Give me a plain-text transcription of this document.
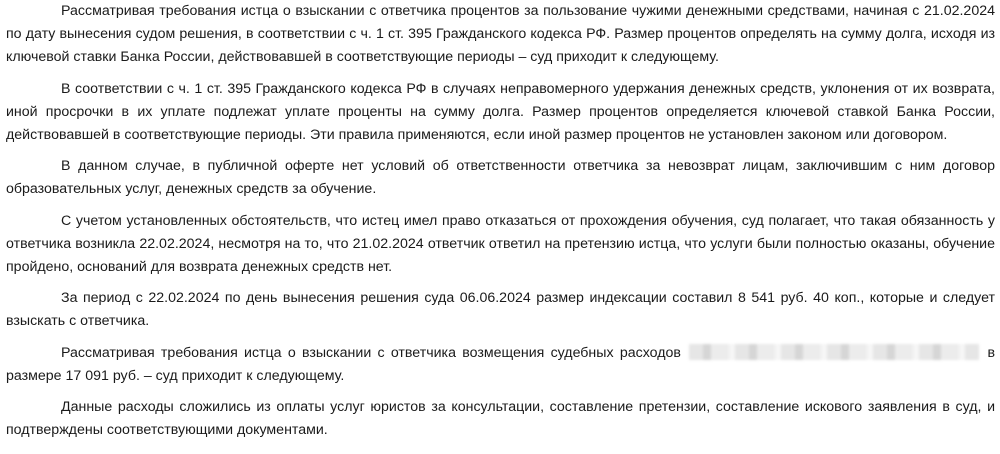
Рассматривая требования истца о взыскании с ответчика процентов за пользование чужими денежными средствами, начиная с 21.02.2024 по дату вынесения судом решения, в соответствии с ч. 1 ст. 395 Гражданского кодекса РФ. Размер процентов определять на сумму долга, исходя из ключевой ставки Банка России, действовавшей в соответствующие периоды – суд приходит к следующему.

В соответствии с ч. 1 ст. 395 Гражданского кодекса РФ в случаях неправомерного удержания денежных средств, уклонения от их возврата, иной просрочки в их уплате подлежат уплате проценты на сумму долга. Размер процентов определяется ключевой ставкой Банка России, действовавшей в соответствующие периоды. Эти правила применяются, если иной размер процентов не установлен законом или договором.

В данном случае, в публичной оферте нет условий об ответственности ответчика за невозврат лицам, заключившим с ним договор образовательных услуг, денежных средств за обучение.

С учетом установленных обстоятельств, что истец имел право отказаться от прохождения обучения, суд полагает, что такая обязанность у ответчика возникла 22.02.2024, несмотря на то, что 21.02.2024 ответчик ответил на претензию истца, что услуги были полностью оказаны, обучение пройдено, оснований для возврата денежных средств нет.

За период с 22.02.2024 по день вынесения решения суда 06.06.2024 размер индексации составил 8 541 руб. 40 коп., которые и следует взыскать с ответчика.

Рассматривая требования истца о взыскании с ответчика возмещения судебных расходов	в размере 17 091 руб. – суд приходит к следующему.

Данные расходы сложились из оплаты услуг юристов за консультации, составление претензии, составление искового заявления в суд, и подтверждены соответствующими документами.
